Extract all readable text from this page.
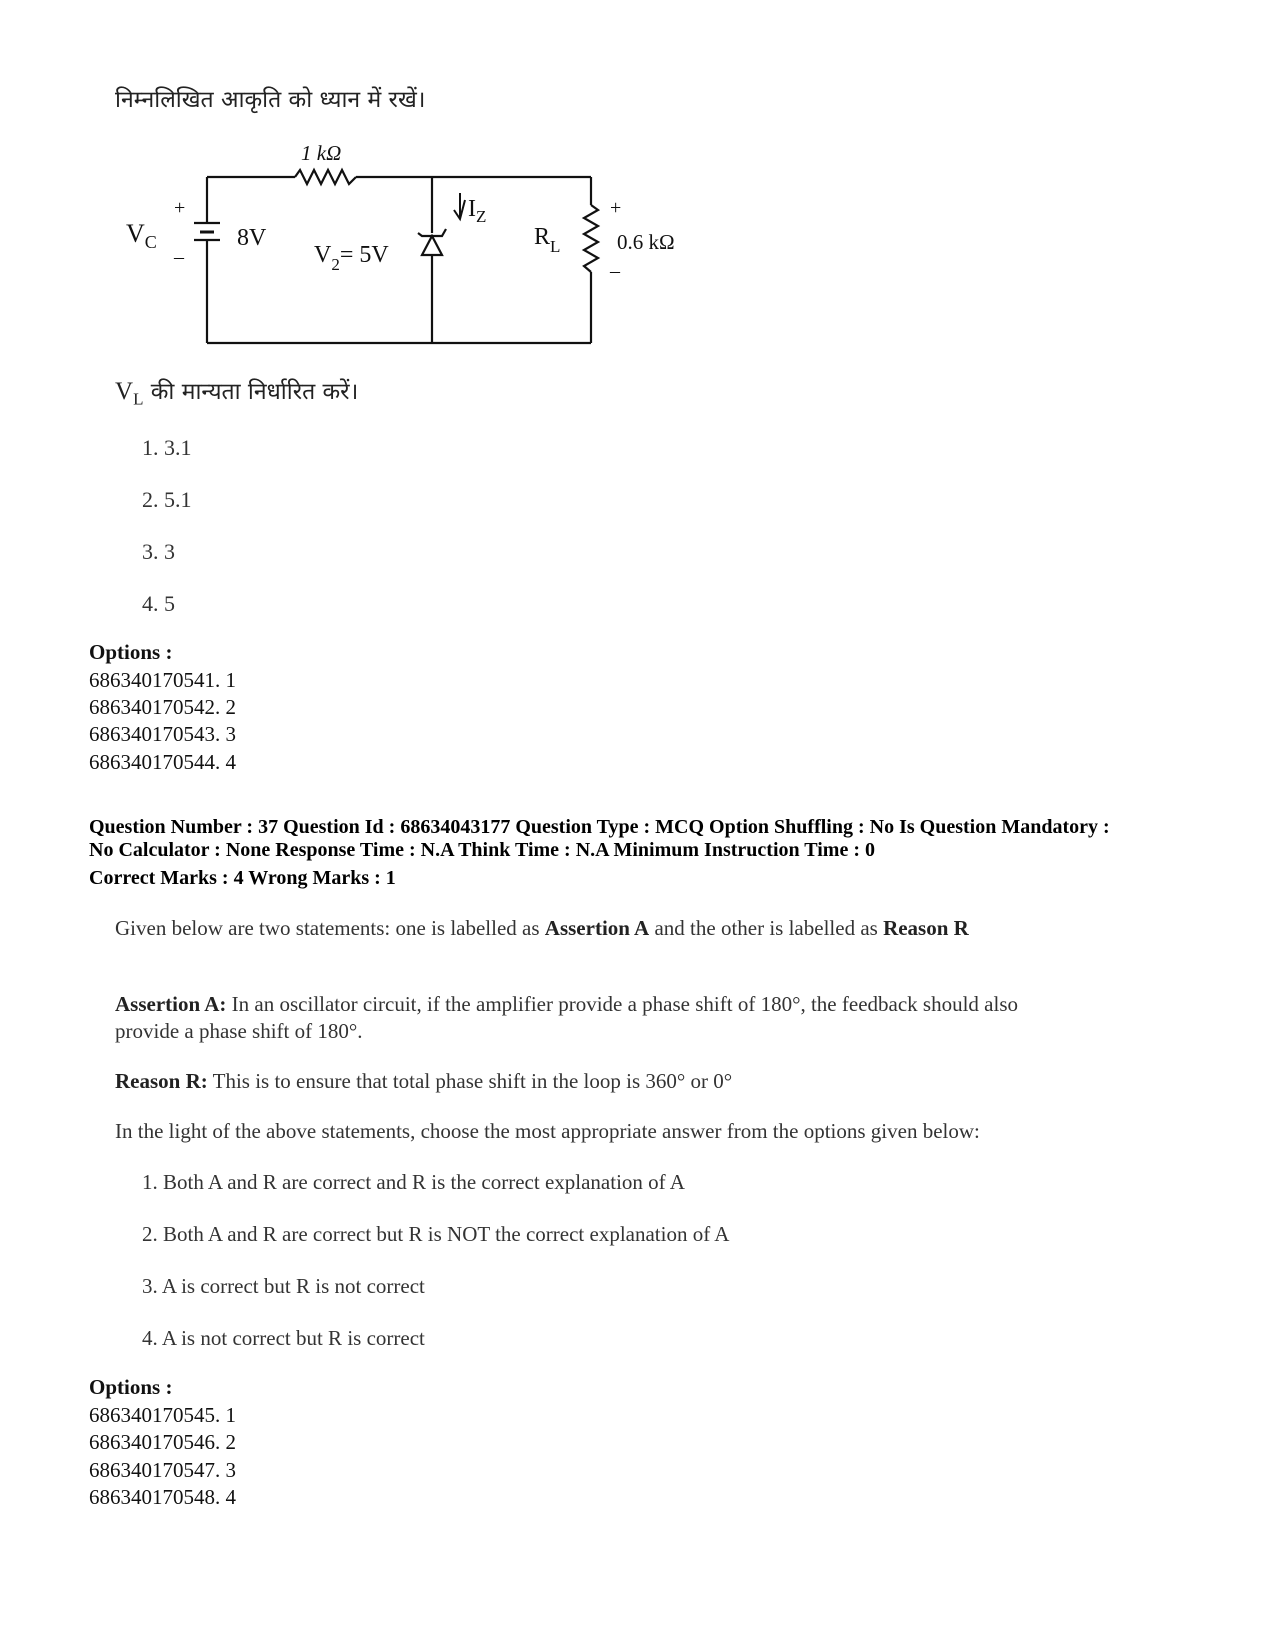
निम्नलिखित आकृति को ध्यान में रखें।
1 kΩ
$V_C$
+
–
8V
$V_2= 5V$
$I_Z$
$R_L$
+
0.6 kΩ
–
$V_L$ की मान्यता निर्धारित करें।
1. 3.1
2. 5.1
3. 3
4. 5
Options :
686340170541. 1
686340170542. 2
686340170543. 3
686340170544. 4
Question Number : 37 Question Id : 68634043177 Question Type : MCQ Option Shuffling : No Is Question Mandatory :
No Calculator : None Response Time : N.A Think Time : N.A Minimum Instruction Time : 0
Correct Marks : 4 Wrong Marks : 1
Given below are two statements: one is labelled as Assertion A and the other is labelled as Reason R
Assertion A: In an oscillator circuit, if the amplifier provide a phase shift of 180°, the feedback should also
provide a phase shift of 180°.
Reason R: This is to ensure that total phase shift in the loop is 360° or 0°
In the light of the above statements, choose the most appropriate answer from the options given below:
1. Both A and R are correct and R is the correct explanation of A
2. Both A and R are correct but R is NOT the correct explanation of A
3. A is correct but R is not correct
4. A is not correct but R is correct
Options :
686340170545. 1
686340170546. 2
686340170547. 3
686340170548. 4
